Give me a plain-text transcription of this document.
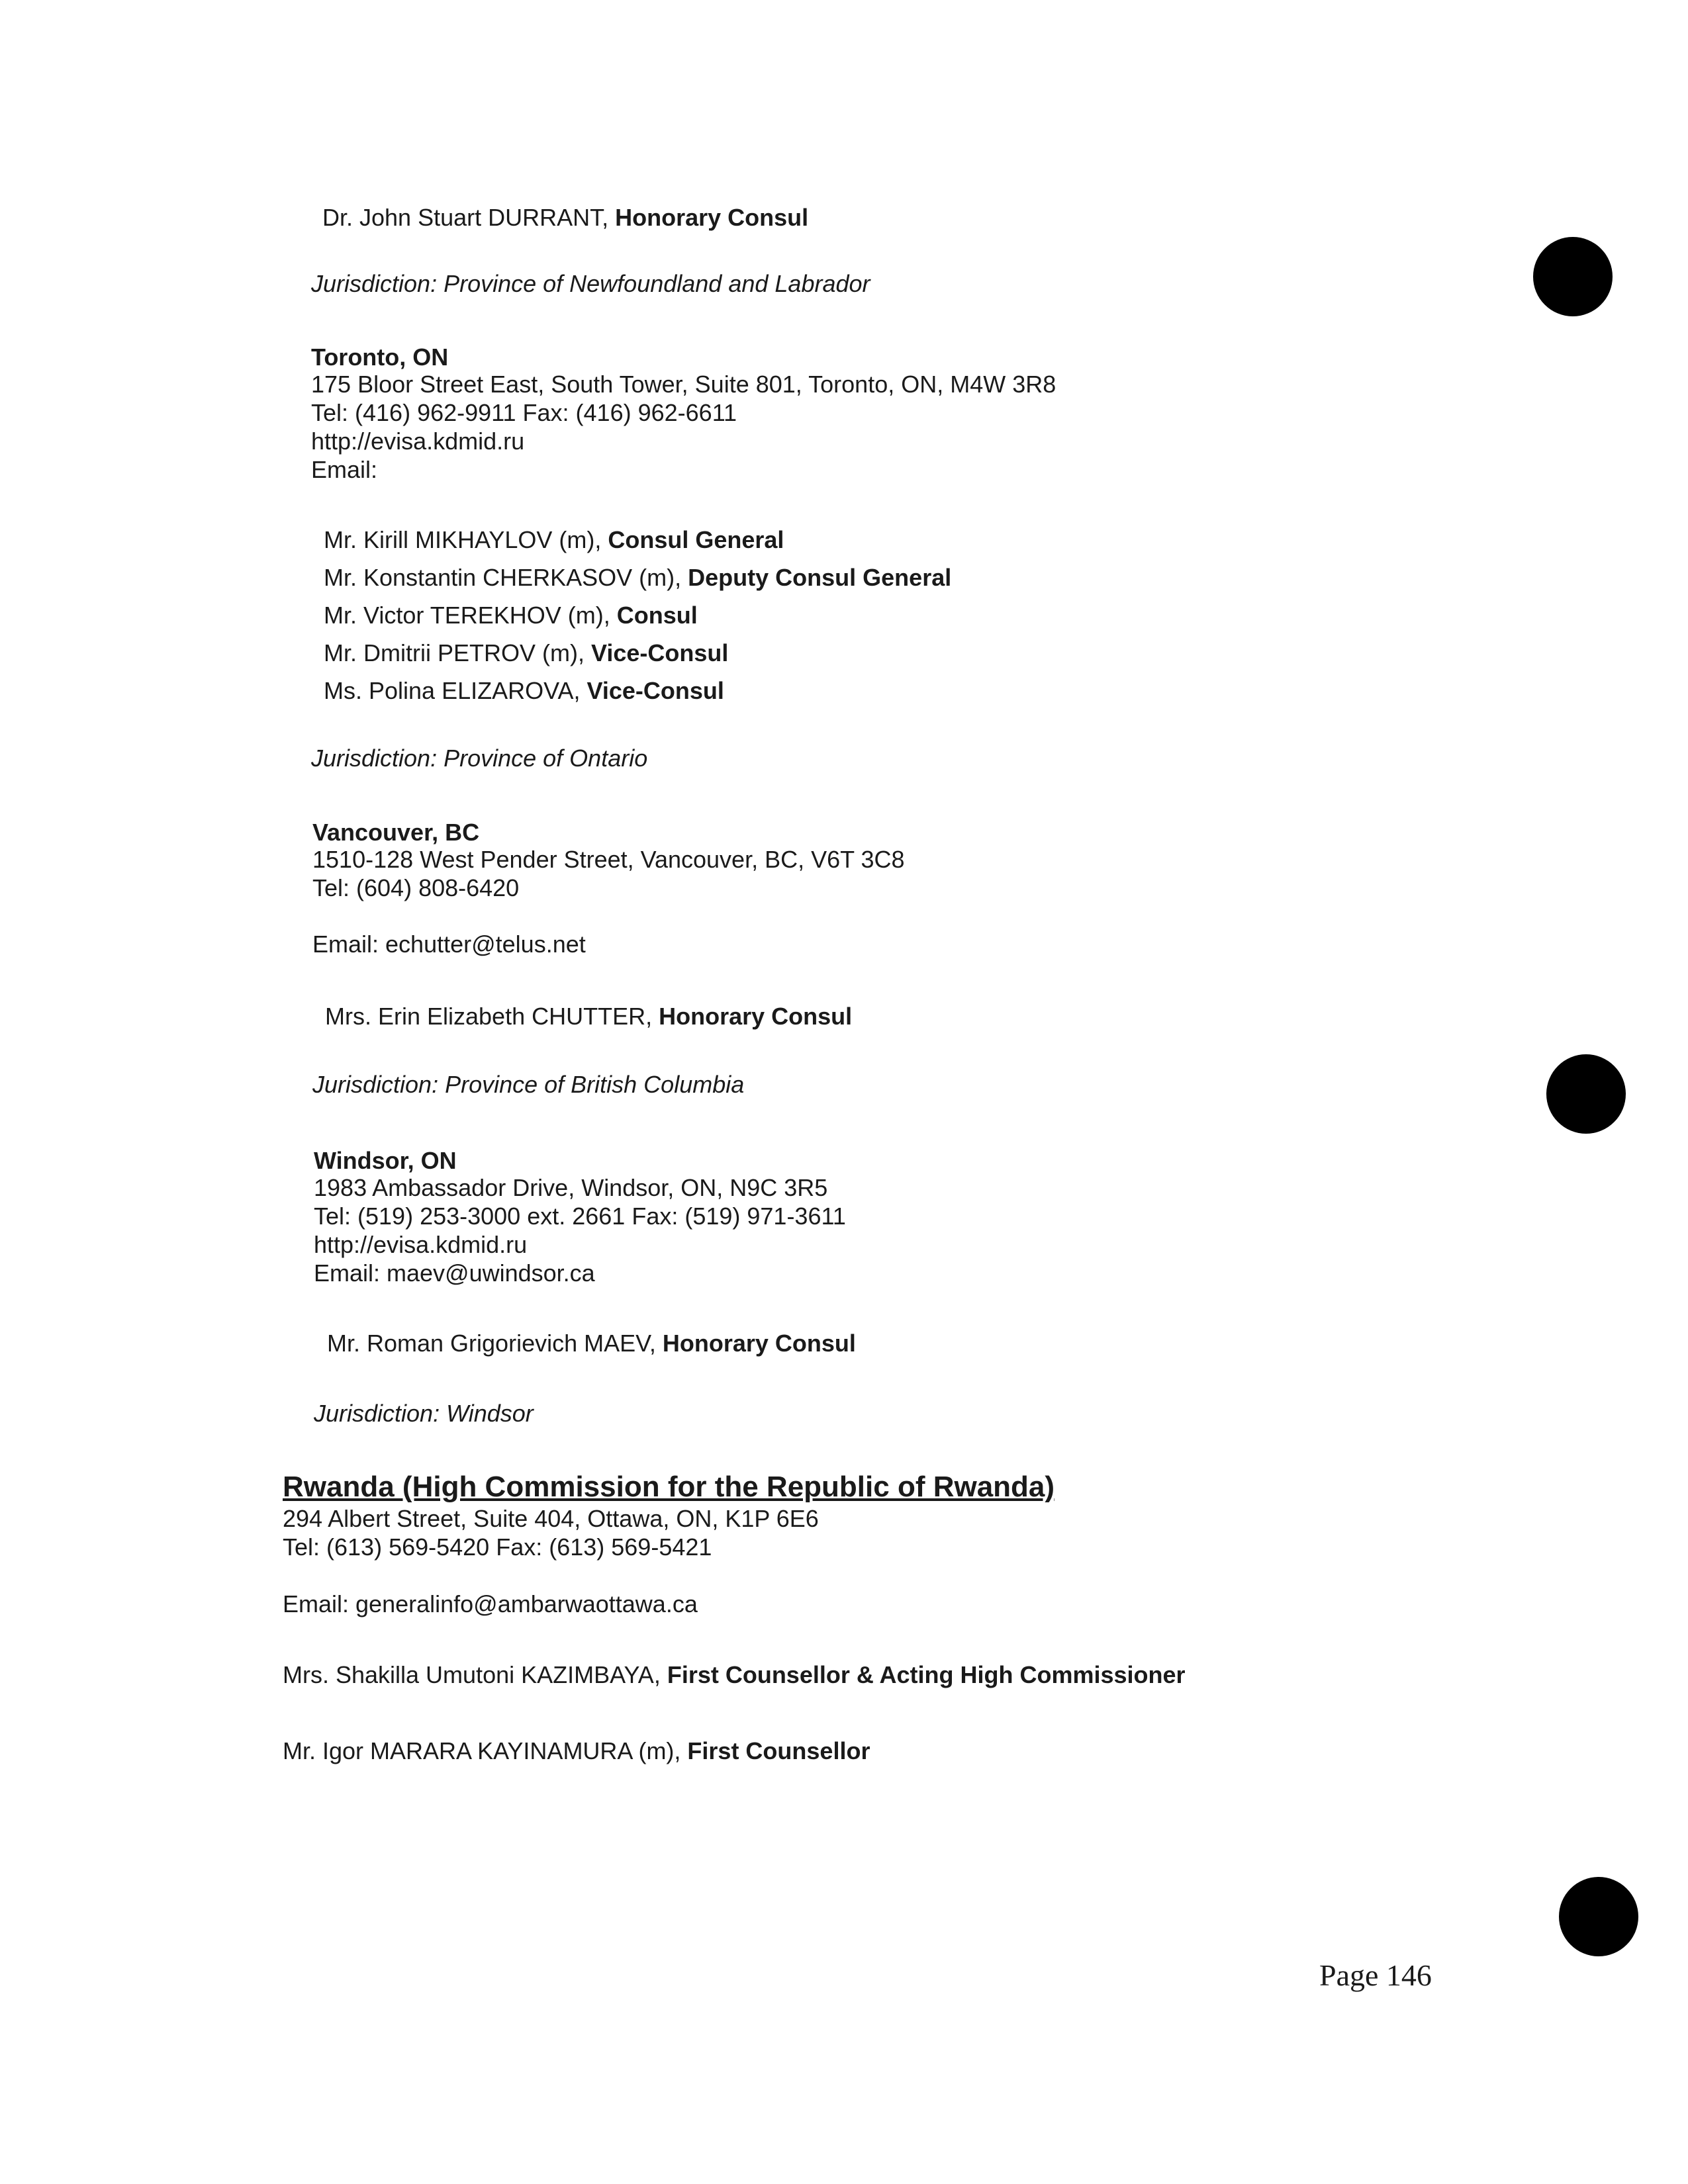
Dr. John Stuart DURRANT, Honorary Consul
Jurisdiction: Province of Newfoundland and Labrador
Toronto, ON
175 Bloor Street East, South Tower, Suite 801, Toronto, ON, M4W 3R8
Tel: (416) 962-9911 Fax: (416) 962-6611
http://evisa.kdmid.ru
Email:
Mr. Kirill MIKHAYLOV (m), Consul General
Mr. Konstantin CHERKASOV (m), Deputy Consul General
Mr. Victor TEREKHOV (m), Consul
Mr. Dmitrii PETROV (m), Vice-Consul
Ms. Polina ELIZAROVA, Vice-Consul
Jurisdiction: Province of Ontario
Vancouver, BC
1510-128 West Pender Street, Vancouver, BC, V6T 3C8
Tel: (604) 808-6420
Email: echutter@telus.net
Mrs. Erin Elizabeth CHUTTER, Honorary Consul
Jurisdiction: Province of British Columbia
Windsor, ON
1983 Ambassador Drive, Windsor, ON, N9C 3R5
Tel: (519) 253-3000 ext. 2661 Fax: (519) 971-3611
http://evisa.kdmid.ru
Email: maev@uwindsor.ca
Mr. Roman Grigorievich MAEV, Honorary Consul
Jurisdiction: Windsor
Rwanda (High Commission for the Republic of Rwanda)
294 Albert Street, Suite 404, Ottawa, ON, K1P 6E6
Tel: (613) 569-5420 Fax: (613) 569-5421
Email: generalinfo@ambarwaottawa.ca
Mrs. Shakilla Umutoni KAZIMBAYA, First Counsellor & Acting High Commissioner
Mr. Igor MARARA KAYINAMURA (m), First Counsellor
Page 146
